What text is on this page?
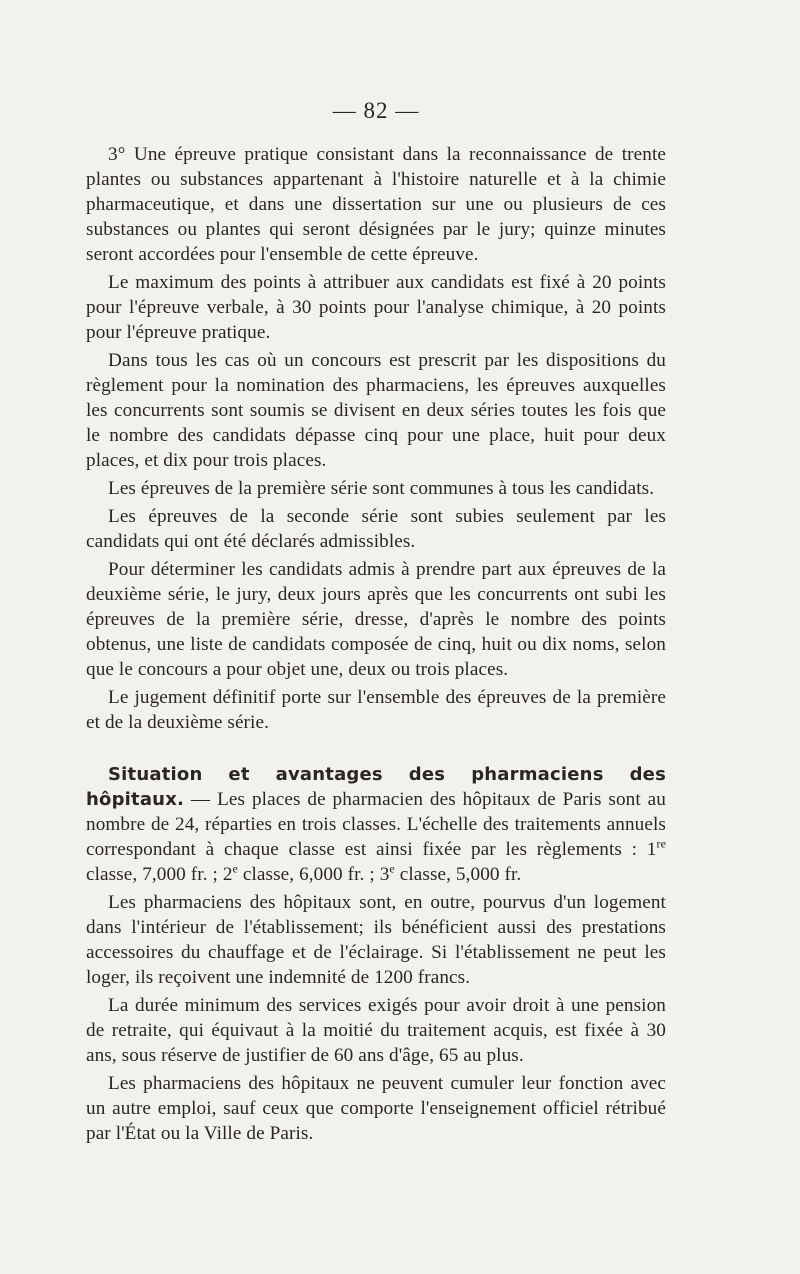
— 82 —

3° Une épreuve pratique consistant dans la reconnaissance de trente plantes ou substances appartenant à l'histoire naturelle et à la chimie pharmaceutique, et dans une dissertation sur une ou plusieurs de ces substances ou plantes qui seront désignées par le jury; quinze minutes seront accordées pour l'ensemble de cette épreuve.

Le maximum des points à attribuer aux candidats est fixé à 20 points pour l'épreuve verbale, à 30 points pour l'analyse chimique, à 20 points pour l'épreuve pratique.

Dans tous les cas où un concours est prescrit par les dispositions du règlement pour la nomination des pharmaciens, les épreuves auxquelles les concurrents sont soumis se divisent en deux séries toutes les fois que le nombre des candidats dépasse cinq pour une place, huit pour deux places, et dix pour trois places.

Les épreuves de la première série sont communes à tous les candidats.

Les épreuves de la seconde série sont subies seulement par les candidats qui ont été déclarés admissibles.

Pour déterminer les candidats admis à prendre part aux épreuves de la deuxième série, le jury, deux jours après que les concurrents ont subi les épreuves de la première série, dresse, d'après le nombre des points obtenus, une liste de candidats composée de cinq, huit ou dix noms, selon que le concours a pour objet une, deux ou trois places.

Le jugement définitif porte sur l'ensemble des épreuves de la première et de la deuxième série.

Situation et avantages des pharmaciens des hôpitaux. — Les places de pharmacien des hôpitaux de Paris sont au nombre de 24, réparties en trois classes. L'échelle des traitements annuels correspondant à chaque classe est ainsi fixée par les règlements : 1re classe, 7,000 fr. ; 2e classe, 6,000 fr. ; 3e classe, 5,000 fr.

Les pharmaciens des hôpitaux sont, en outre, pourvus d'un logement dans l'intérieur de l'établissement; ils bénéficient aussi des prestations accessoires du chauffage et de l'éclairage. Si l'établissement ne peut les loger, ils reçoivent une indemnité de 1200 francs.

La durée minimum des services exigés pour avoir droit à une pension de retraite, qui équivaut à la moitié du traitement acquis, est fixée à 30 ans, sous réserve de justifier de 60 ans d'âge, 65 au plus.

Les pharmaciens des hôpitaux ne peuvent cumuler leur fonction avec un autre emploi, sauf ceux que comporte l'enseignement officiel rétribué par l'État ou la Ville de Paris.
